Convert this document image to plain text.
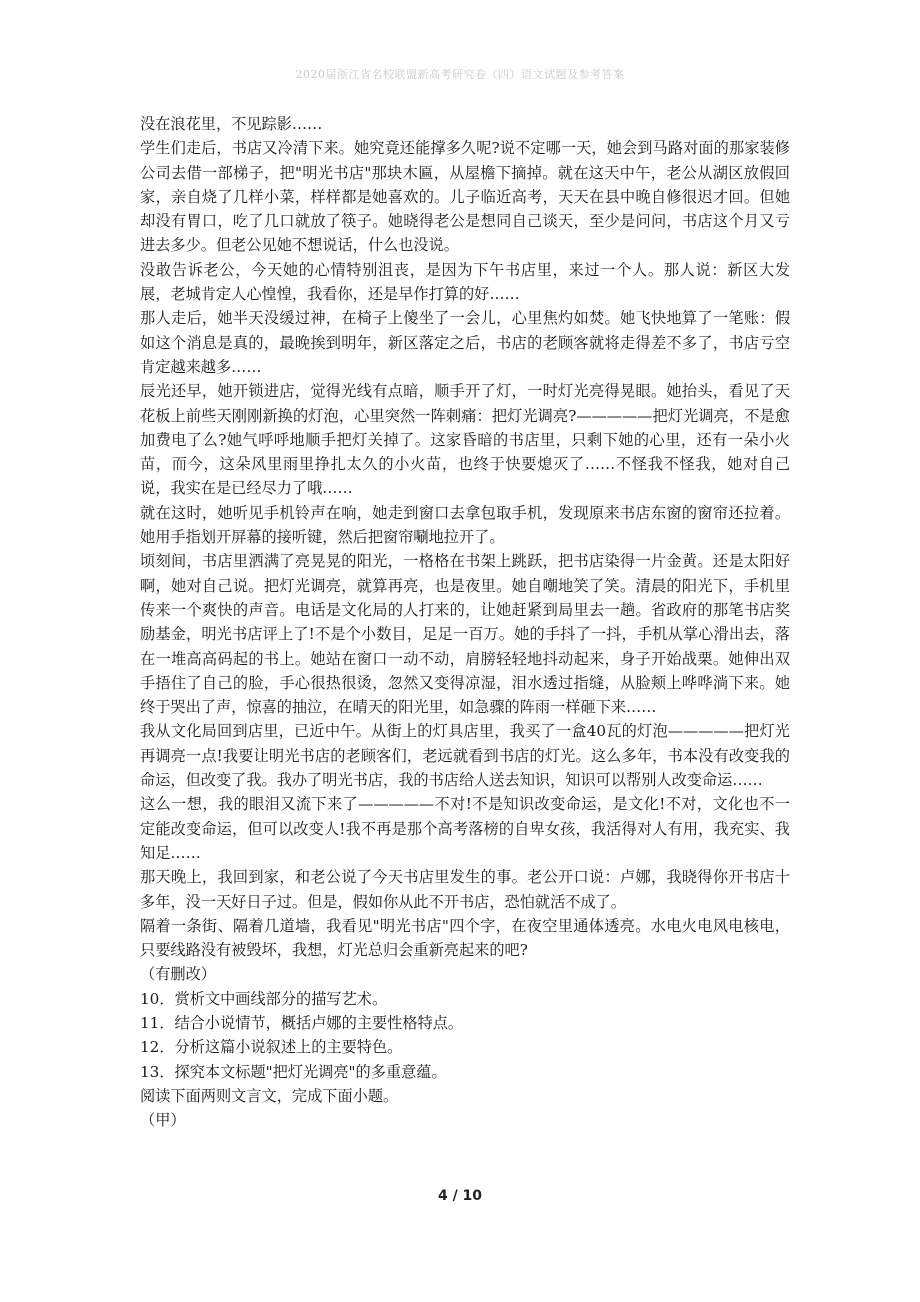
2020届浙江省名校联盟新高考研究卷（四）语文试题及参考答案

没在浪花里，不见踪影……

学生们走后，书店又冷清下来。她究竟还能撑多久呢?说不定哪一天，她会到马路对面的那家装修公司去借一部梯子，把"明光书店"那块木匾，从屋檐下摘掉。就在这天中午，老公从湖区放假回家，亲自烧了几样小菜，样样都是她喜欢的。儿子临近高考，天天在县中晚自修很迟才回。但她却没有胃口，吃了几口就放了筷子。她晓得老公是想同自己谈天，至少是问问，书店这个月又亏进去多少。但老公见她不想说话，什么也没说。

没敢告诉老公，今天她的心情特别沮丧，是因为下午书店里，来过一个人。那人说：新区大发展，老城肯定人心惶惶，我看你，还是早作打算的好……

那人走后，她半天没缓过神，在椅子上傻坐了一会儿，心里焦灼如焚。她飞快地算了一笔账：假如这个消息是真的，最晚挨到明年，新区落定之后，书店的老顾客就将走得差不多了，书店亏空肯定越来越多……

辰光还早，她开锁进店，觉得光线有点暗，顺手开了灯，一时灯光亮得晃眼。她抬头，看见了天花板上前些天刚刚新换的灯泡，心里突然一阵刺痛：把灯光调亮?—————把灯光调亮，不是愈加费电了么?她气呼呼地顺手把灯关掉了。这家昏暗的书店里，只剩下她的心里，还有一朵小火苗，而今，这朵风里雨里挣扎太久的小火苗，也终于快要熄灭了……不怪我不怪我，她对自己说，我实在是已经尽力了哦……

就在这时，她听见手机铃声在响，她走到窗口去拿包取手机，发现原来书店东窗的窗帘还拉着。她用手指划开屏幕的接听键，然后把窗帘唰地拉开了。

顷刻间，书店里洒满了亮晃晃的阳光，一格格在书架上跳跃，把书店染得一片金黄。还是太阳好啊，她对自己说。把灯光调亮，就算再亮，也是夜里。她自嘲地笑了笑。清晨的阳光下，手机里传来一个爽快的声音。电话是文化局的人打来的，让她赶紧到局里去一趟。省政府的那笔书店奖励基金，明光书店评上了!不是个小数目，足足一百万。她的手抖了一抖，手机从掌心滑出去，落在一堆高高码起的书上。她站在窗口一动不动，肩膀轻轻地抖动起来，身子开始战栗。她伸出双手捂住了自己的脸，手心很热很烫，忽然又变得凉湿，泪水透过指缝，从脸颊上哗哗淌下来。她终于哭出了声，惊喜的抽泣，在晴天的阳光里，如急骤的阵雨一样砸下来……

我从文化局回到店里，已近中午。从街上的灯具店里，我买了一盒40瓦的灯泡—————把灯光再调亮一点!我要让明光书店的老顾客们，老远就看到书店的灯光。这么多年，书本没有改变我的命运，但改变了我。我办了明光书店，我的书店给人送去知识，知识可以帮别人改变命运……

这么一想，我的眼泪又流下来了—————不对!不是知识改变命运，是文化!不对，文化也不一定能改变命运，但可以改变人!我不再是那个高考落榜的自卑女孩，我活得对人有用，我充实、我知足……

那天晚上，我回到家，和老公说了今天书店里发生的事。老公开口说：卢娜，我晓得你开书店十多年，没一天好日子过。但是，假如你从此不开书店，恐怕就活不成了。

隔着一条街、隔着几道墙，我看见"明光书店"四个字，在夜空里通体透亮。水电火电风电核电，只要线路没有被毁坏，我想，灯光总归会重新亮起来的吧?

（有删改）

10．赏析文中画线部分的描写艺术。

11．结合小说情节，概括卢娜的主要性格特点。

12．分析这篇小说叙述上的主要特色。

13．探究本文标题"把灯光调亮"的多重意蕴。

阅读下面两则文言文，完成下面小题。

（甲）

4 / 10
